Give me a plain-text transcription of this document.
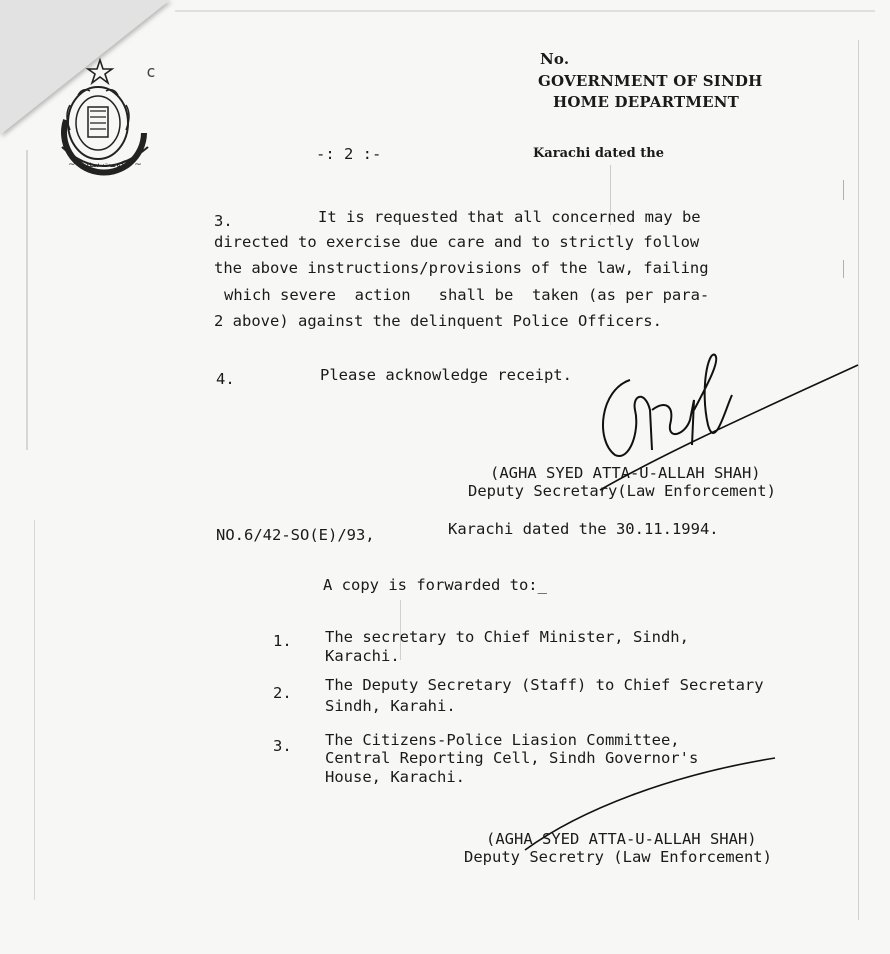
~ حکومت سندھ ~
c
No.
GOVERNMENT OF SINDH
HOME DEPARTMENT
-: 2 :-	Karachi dated the
3.	It is requested that all concerned may be
directed to exercise due care and to strictly follow
the above instructions/provisions of the law, failing
which severe  action   shall be  taken (as per para-
2 above) against the delinquent Police Officers.
4.	Please acknowledge receipt.
(AGHA SYED ATTA-U-ALLAH SHAH)
Deputy Secretary(Law Enforcement)
NO.6/42-SO(E)/93,	Karachi dated the 30.11.1994.
A copy is forwarded to:_
1. The secretary to Chief Minister, Sindh,
Karachi.
2. The Deputy Secretary (Staff) to Chief Secretary
Sindh, Karahi.
3. The Citizens-Police Liasion Committee,
Central Reporting Cell, Sindh Governor's
House, Karachi.
(AGHA SYED ATTA-U-ALLAH SHAH)
Deputy Secretry (Law Enforcement)
